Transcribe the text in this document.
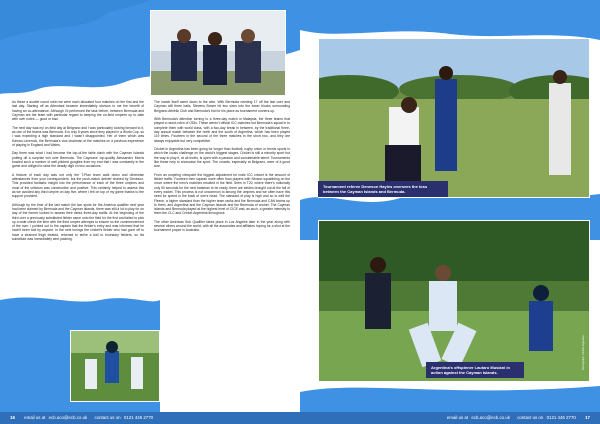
As these a double round robin we were each allocated four matches on the first and the last day. Starting off as Attendant became immediately obvious to me the benefit of having an co-attendance. Although I'd performed the task before, between Bermuda and Cayman are the team with particular regard to keeping the on-field umpires up to date with over notes — good or bad.

The next day was my on-field day at Belgrano and I was particularly looking forward to it, as one of the teams was Bermuda. It is only 8 years since they played in a World Cup, so I was expecting a high standard and I wasn't disappointed. Her of them which was Kamau Leverock, the Bermuda's vice-chairman of the matches on a previous experience of playing in England and Wales.

Day three was what I had become the top-of-the table clash with the Cayman Islands putting off a surprise win over Bermuda. The Caymans' top-quality Alessandro Morris bowled such a number of well-pitched googlies from my end that I was constantly in the game and obliged to raise the deadly digit on two occasions.

A feature of each day was not only the T-Plan team walk down and otherwise attendances from your correspondent, but the push-match debrief chaired by Deneson. This provided fantastic insight into the performance of each of the three umpires and most of the criticism was constructive and positive. This certainly helped to assess this as we avoided any third umpire on day five, where I felt on top of my game thanks to the support provided.

Although by the time of the last match the two spots for the America qualifier next year had been claimed by Bermuda and the Cayman Islands, there was still a lot to play for on day of the former looked to assess their debut three-day swifts. At the beginning of the third over a previously substituted fielder came onto the field for the first and failed to pick up a wide check the time with the third umpire attempts to ensure so the commencement of the over. I pointed out to the captain that the fielder's entry and was informed that he hadn't been told by anyone. In the next innings the cricket's fielder who had gone off to have a strained thigh treated, returned to strike a ball to boundary fielders, so his substitute was immediately sent packing.

The match itself came down to the wire. With Bermuda needing 17 off the last over and Cayman still three balls, Stevens Bower hit two sixes into the tower blocks surrounding Belgrano Athletic Club and Bermuda's bid for his place as tournament runners-up.

With Bermuda's attention turning to a three-day match in Malaysia, the three teams that played a round-robin of ODIs. These weren't official ICC matches but Bermuda's squad in to complete them with world class, with a two-day break in between, by the traditional three-day annual match between the north and the south of Argentina, which has been played 119 times. Fourteen in the second of the three matches in the short two, and they are always enjoyable but very competitive.

Cricket in Argentina has been going for longer than football, rugby union or tennis sports in which the locals challenge on the world's biggest stages. Cricket is still a minority sport but the way to play it, at all levels, is open with a passion and considerable talent. Tournaments like these help to showcase the sport. The crowds, especially at Belgrano, were of a good size.

From an umpiring viewpoint the biggest adjustment for male ICC cricket is the amount of fielder traffic. Fourteen men squeak more often than players with Silvano squabbling on the move where the men's matches resulted in the field. Seen in T20, where there's notionally only 90 seconds for the next batsman to be ready, there are strides brought out at the fall of every wicket. This process is not uncommon to among the umpires and we often have this need for speed in the back of one's head. The standard of play is high and so is well the Fleece, a higher standard than the higher team ranks and the Bermuda and CAN teams up to them, and Argentina and the Cayman Islands and the Bermuda of cricket. The Cayman Islands and Bermuda played at the highest level of CICE and, as such, a greater intensity to them the CLC and Cricket Argentina throughout.

The other Americas Sub Qualifier takes place in Los Angeles later in the year along with several others around the world, with all the associates and affiliates hoping for a shot at the tournament proper in Australia.

16 email us at ecb.aco@ecb.co.uk contact us on 0121 446 2770
Tournament referee Deneson Hayles oversees the toss between the Cayman Islands and Bermuda.
Argentina's offspinner Lautaro Musiani in action against the Cayman Islands.
Photograph: Cricket Argentina
email us at ecb.aco@ecb.co.uk contact us on 0121 446 2770 17
